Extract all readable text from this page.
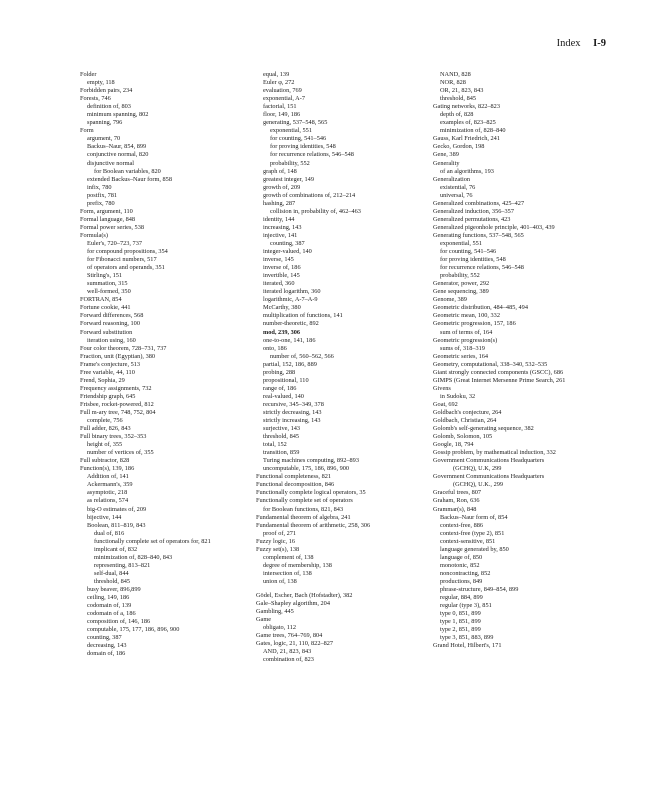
Index I-9
Folder
empty, 118
Forbidden pairs, 234
Forests, 746
definition of, 803
minimum spanning, 802
spanning, 796
Form
argument, 70
Backus–Naur, 854, 899
conjunctive normal, 820
disjunctive normal
for Boolean variables, 820
extended Backus–Naur form, 858
infix, 780
postfix, 781
prefix, 780
Form, argument, 110
Formal language, 848
Formal power series, 538
Formula(s)
Euler's, 720–723, 737
for compound propositions, 354
for Fibonacci numbers, 517
of operators and operands, 351
Stirling's, 151
summation, 315
well-formed, 350
FORTRAN, 854
Fortune cookie, 441
Forward differences, 568
Forward reasoning, 100
Forward substitution
iteration using, 160
Four color theorem, 728–731, 737
Fraction, unit (Egyptian), 380
Frame's conjecture, 513
Free variable, 44, 110
Frend, Sophia, 29
Frequency assignments, 732
Friendship graph, 645
Frisbee, rocket-powered, 812
Full m-ary tree, 748, 752, 804
complete, 756
Full adder, 826, 843
Full binary trees, 352–353
height of, 355
number of vertices of, 355
Full subtractor, 828
Function(s), 139, 186
Addition of, 141
Ackermann's, 359
asymptotic, 218
as relations, 574
big-O estimates of, 209
bijective, 144
Boolean, 811–819, 843
dual of, 816
functionally complete set of operators for, 821
implicant of, 832
minimization of, 828–840, 843
representing, 813–821
self-dual, 844
threshold, 845
busy beaver, 896,899
ceiling, 149, 186
codomain of, 139
codomain of a, 186
composition of, 146, 186
computable, 175, 177, 186, 896, 900
counting, 387
decreasing, 143
domain of, 186
equal, 139
Euler φ, 272
evaluation, 769
exponential, A-7
factorial, 151
floor, 149, 186
generating, 537–548, 565
exponential, 551
for counting, 541–546
for proving identities, 548
for recurrence relations, 546–548
probability, 552
graph of, 148
greatest integer, 149
growth of, 209
growth of combinations of, 212–214
hashing, 287
collision in, probability of, 462–463
identity, 144
increasing, 143
injective, 141
counting, 387
integer-valued, 140
inverse, 145
inverse of, 186
invertible, 145
iterated, 360
iterated logarithm, 360
logarithmic, A-7–A-9
McCarthy, 380
multiplication of functions, 141
number-theoretic, 892
mod, 239, 306
one-to-one, 141, 186
onto, 186
number of, 560–562, 566
partial, 152, 186, 889
probing, 288
propositional, 110
range of, 186
real-valued, 140
recursive, 345–349, 378
strictly decreasing, 143
strictly increasing, 143
surjective, 143
threshold, 845
total, 152
transition, 859
Turing machines computing, 892–893
uncomputable, 175, 186, 896, 900
Functional completeness, 821
Functional decomposition, 846
Functionally complete logical operators, 35
Functionally complete set of operators
for Boolean functions, 821, 843
Fundamental theorem of algebra, 241
Fundamental theorem of arithmetic, 258, 306
proof of, 271
Fuzzy logic, 16
Fuzzy set(s), 138
complement of, 138
degree of membership, 138
intersection of, 138
union of, 138
Gödel, Escher, Bach (Hofstadter), 382
Gale–Shapley algorithm, 204
Gambling, 445
Game
obligato, 112
Game trees, 764–769, 804
Gates, logic, 21, 110, 822–827
AND, 21, 823, 843
combination of, 823
NAND, 828
NOR, 828
OR, 21, 823, 843
threshold, 845
Gating networks, 822–823
depth of, 828
examples of, 823–825
minimization of, 828–840
Gauss, Karl Friedrich, 241
Gecko, Gordon, 198
Gene, 389
Generality
of an algorithms, 193
Generalization
existential, 76
universal, 76
Generalized combinations, 425–427
Generalized induction, 356–357
Generalized permutations, 423
Generalized pigeonhole principle, 401–403, 439
Generating functions, 537–548, 565
exponential, 551
for counting, 541–546
for proving identities, 548
for recurrence relations, 546–548
probability, 552
Generator, power, 292
Gene sequencing, 389
Genome, 389
Geometric distribution, 484–485, 494
Geometric mean, 100, 332
Geometric progression, 157, 186
sum of terms of, 164
Geometric progression(s)
sums of, 318–319
Geometric series, 164
Geometry, computational, 338–340, 532–535
Giant strongly connected components (GSCC), 686
GIMPS (Great Internet Mersenne Prime Search, 261
Givens
in Sudoku, 32
Goat, 692
Goldbach's conjecture, 264
Goldbach, Christian, 264
Golomb's self-generating sequence, 382
Golomb, Solomon, 105
Google, 18, 794
Gossip problem, by mathematical induction, 332
Government Communications Headquarters
(GCHQ), U.K, 299
Government Communications Headquarters
(GCHQ), U.K., 299
Graceful trees, 807
Graham, Ron, 636
Grammar(s), 848
Backus–Naur form of, 854
context-free, 886
context-free (type 2), 851
context-sensitive, 851
language generated by, 850
language of, 850
monotonic, 852
noncontracting, 852
productions, 849
phrase-structure, 849–854, 899
regular, 884, 899
regular (type 3), 851
type 0, 851, 899
type 1, 851, 899
type 2, 851, 899
type 3, 851, 883, 899
Grand Hotel, Hilbert's, 171
